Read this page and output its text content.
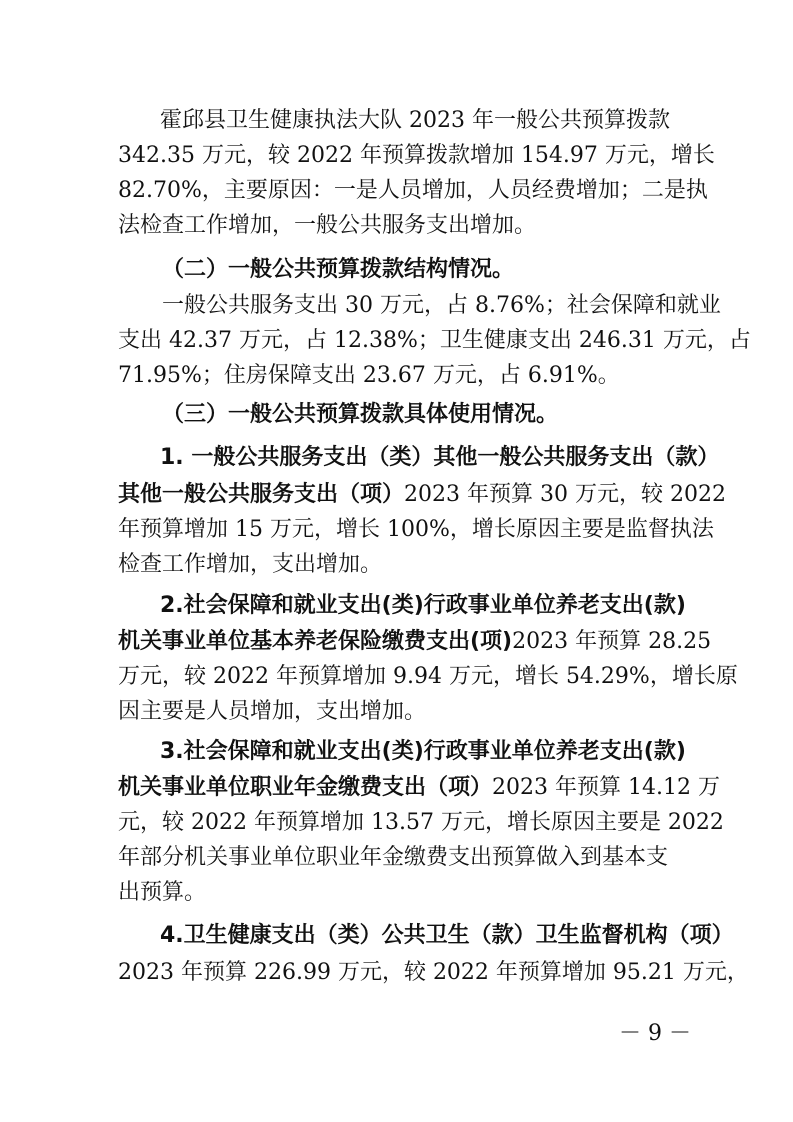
霍邱县卫生健康执法大队 2023 年一般公共预算拨款
342.35 万元，较 2022 年预算拨款增加 154.97 万元，增长
82.70%，主要原因：一是人员增加，人员经费增加；二是执
法检查工作增加，一般公共服务支出增加。
（二）一般公共预算拨款结构情况。
一般公共服务支出 30 万元，占 8.76%；社会保障和就业
支出 42.37 万元，占 12.38%；卫生健康支出 246.31 万元，占
71.95%；住房保障支出 23.67 万元，占 6.91%。
（三）一般公共预算拨款具体使用情况。
1. 一般公共服务支出（类）其他一般公共服务支出（款）
其他一般公共服务支出（项）2023 年预算 30 万元，较 2022
年预算增加 15 万元，增长 100%，增长原因主要是监督执法
检查工作增加，支出增加。
2.社会保障和就业支出(类)行政事业单位养老支出(款)
机关事业单位基本养老保险缴费支出(项)2023 年预算 28.25
万元，较 2022 年预算增加 9.94 万元，增长 54.29%，增长原
因主要是人员增加，支出增加。
3.社会保障和就业支出(类)行政事业单位养老支出(款)
机关事业单位职业年金缴费支出（项）2023 年预算 14.12 万
元，较 2022 年预算增加 13.57 万元，增长原因主要是 2022
年部分机关事业单位职业年金缴费支出预算做入到基本支
出预算。
4.卫生健康支出（类）公共卫生（款）卫生监督机构（项）
2023 年预算 226.99 万元，较 2022 年预算增加 95.21 万元，
－ 9 －
